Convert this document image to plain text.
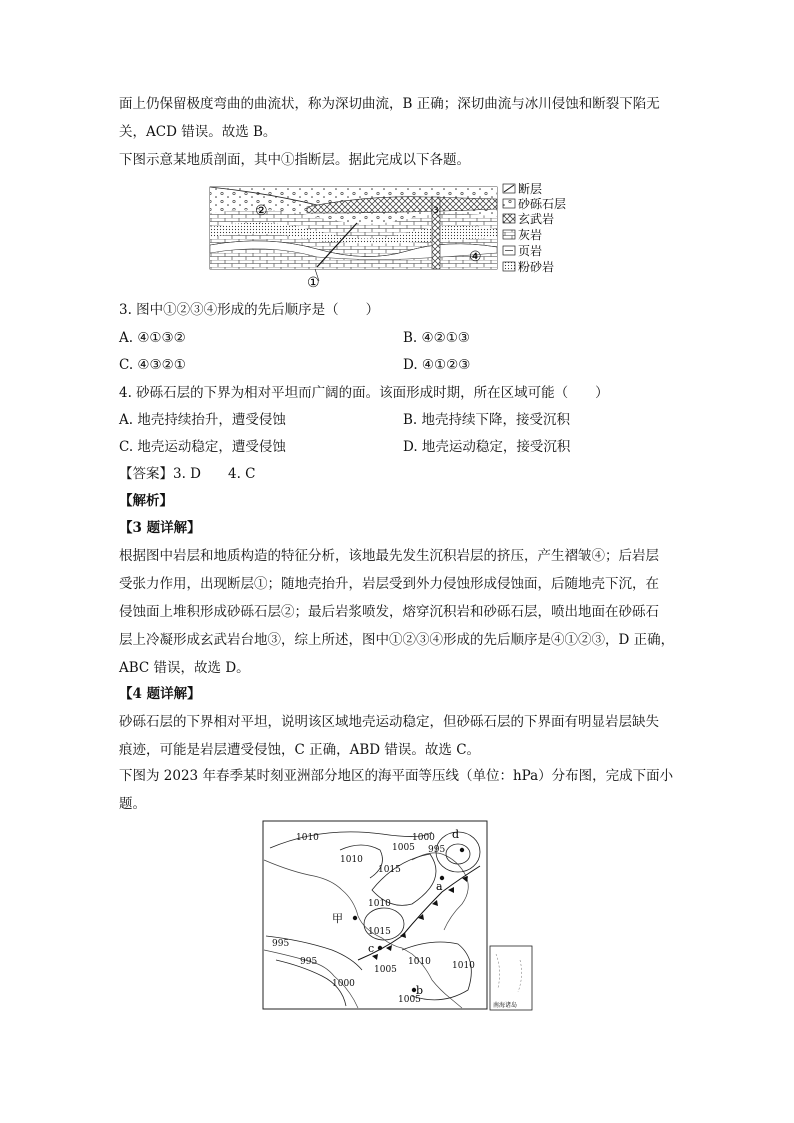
面上仍保留极度弯曲的曲流状，称为深切曲流，B 正确；深切曲流与冰川侵蚀和断裂下陷无
关，ACD 错误。故选 B。
下图示意某地质剖面，其中①指断层。据此完成以下各题。
②	3
④
①
断层
砂砾石层
玄武岩
灰岩
页岩
粉砂岩
3. 图中①②③④形成的先后顺序是（　　）
A. ④①③②	B. ④②①③
C. ④③②①	D. ④①②③
4. 砂砾石层的下界为相对平坦而广阔的面。该面形成时期，所在区域可能（　　）
A. 地壳持续抬升，遭受侵蚀	B. 地壳持续下降，接受沉积
C. 地壳运动稳定，遭受侵蚀	D. 地壳运动稳定，接受沉积
【答案】3. D　　4. C
【解析】
【3 题详解】
根据图中岩层和地质构造的特征分析，该地最先发生沉积岩层的挤压，产生褶皱④；后岩层
受张力作用，出现断层①；随地壳抬升，岩层受到外力侵蚀形成侵蚀面，后随地壳下沉，在
侵蚀面上堆积形成砂砾石层②；最后岩浆喷发，熔穿沉积岩和砂砾石层，喷出地面在砂砾石
层上冷凝形成玄武岩台地③，综上所述，图中①②③④形成的先后顺序是④①②③，D 正确，
ABC 错误，故选 D。
【4 题详解】
砂砾石层的下界相对平坦，说明该区域地壳运动稳定，但砂砾石层的下界面有明显岩层缺失
痕迹，可能是岩层遭受侵蚀，C 正确，ABD 错误。故选 C。
下图为 2023 年春季某时刻亚洲部分地区的海平面等压线（单位：hPa）分布图，完成下面小
题。
1010
1010
1000
1005 995
1015
1010
1015
995
995
1005
1010 1010
1000
1005
d
a
甲
c
b
南海诸岛
